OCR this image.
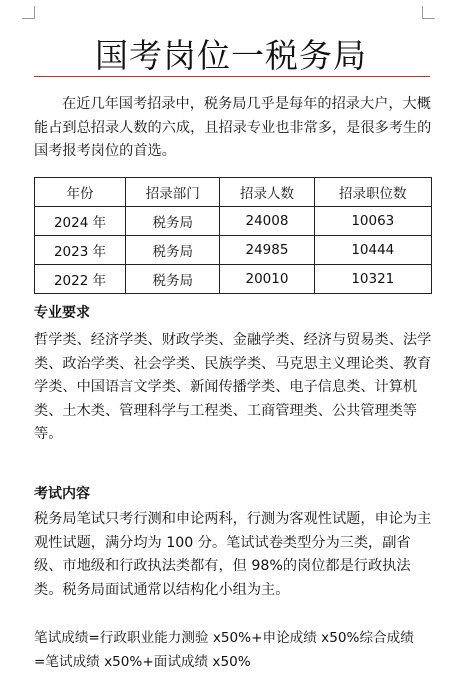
国考岗位一税务局

在近几年国考招录中，税务局几乎是每年的招录大户，大概能占到总招录人数的六成，且招录专业也非常多，是很多考生的国考报考岗位的首选。

年份	招录部门	招录人数	招录职位数
2024 年	税务局	24008	10063
2023 年	税务局	24985	10444
2022 年	税务局	20010	10321
专业要求

哲学类、经济学类、财政学类、金融学类、经济与贸易类、法学类、政治学类、社会学类、民族学类、马克思主义理论类、教育学类、中国语言文学类、新闻传播学类、电子信息类、计算机类、土木类、管理科学与工程类、工商管理类、公共管理类等等。

考试内容

税务局笔试只考行测和申论两科，行测为客观性试题，申论为主观性试题，满分均为 100 分。笔试试卷类型分为三类，副省级、市地级和行政执法类都有，但 98%的岗位都是行政执法类。税务局面试通常以结构化小组为主。

笔试成绩=行政职业能力测验 x50%+申论成绩 x50%综合成绩
=笔试成绩 x50%+面试成绩 x50%
